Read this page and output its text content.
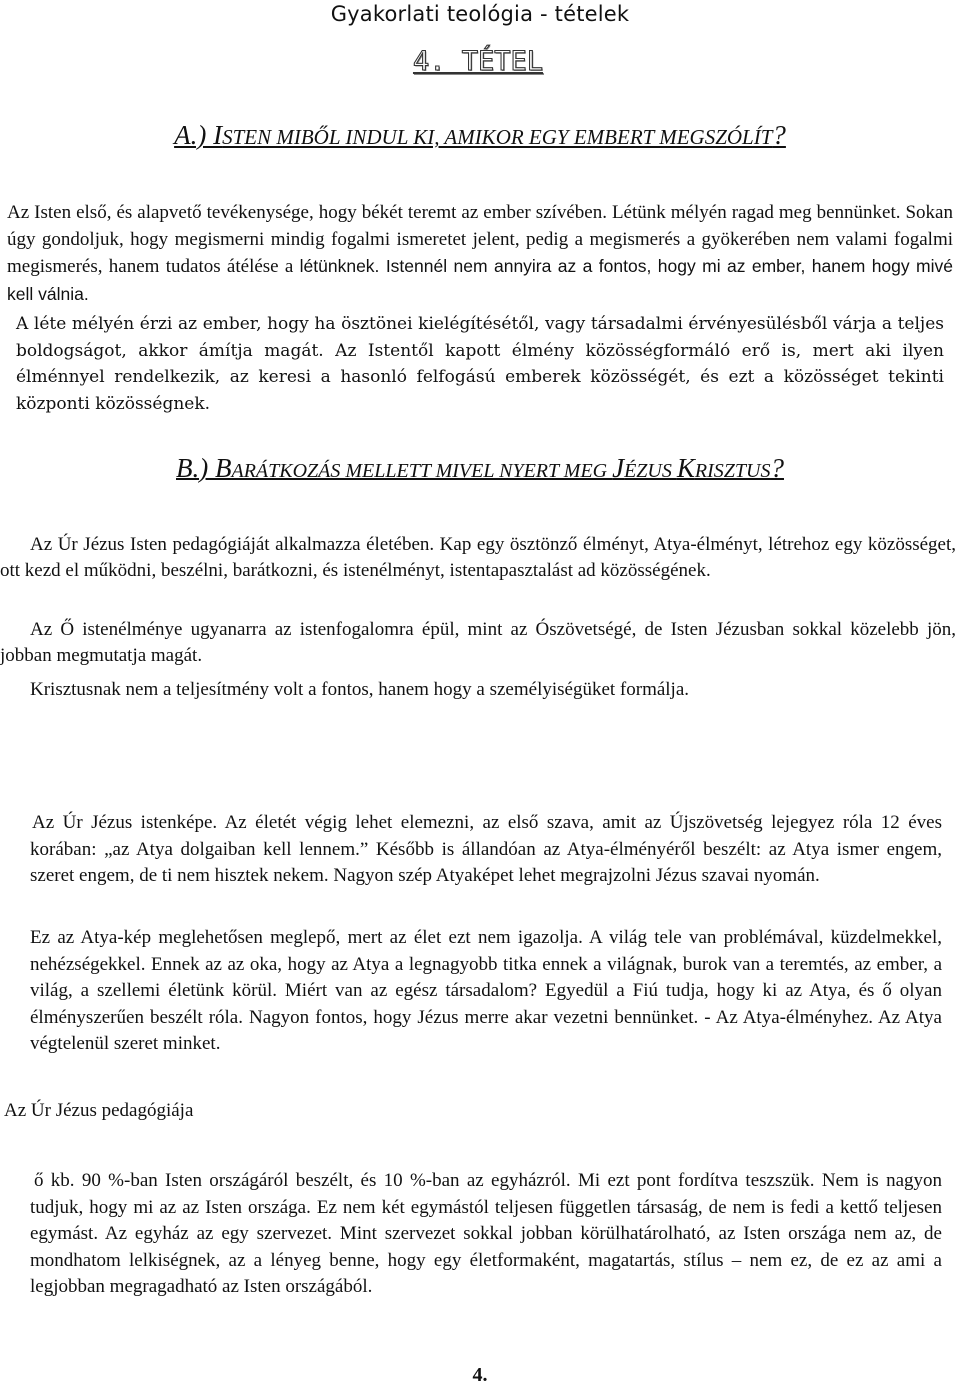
Gyakorlati teológia - tételek
4. TÉTEL
A.) ISTEN MIBŐL INDUL KI, AMIKOR EGY EMBERT MEGSZÓLÍT?

Az Isten első, és alapvető tevékenysége, hogy békét teremt az ember szívében. Létünk mélyén ragad meg bennünket. Sokan úgy gondoljuk, hogy megismerni mindig fogalmi ismeretet jelent, pedig a megismerés a gyökerében nem valami fogalmi megismerés, hanem tudatos átélése a létünknek. Istennél nem annyira az a fontos, hogy mi az ember, hanem hogy mivé kell válnia.

A léte mélyén érzi az ember, hogy ha ösztönei kielégítésétől, vagy társadalmi érvényesülésből várja a teljes boldogságot, akkor ámítja magát. Az Istentől kapott élmény közösségformáló erő is, mert aki ilyen élménnyel rendelkezik, az keresi a hasonló felfogású emberek közösségét, és ezt a közösséget tekinti központi közösségnek.

B.) BARÁTKOZÁS MELLETT MIVEL NYERT MEG JÉZUS KRISZTUS?

Az Úr Jézus Isten pedagógiáját alkalmazza életében. Kap egy ösztönző élményt, Atya-élményt, létrehoz egy közösséget, ott kezd el működni, beszélni, barátkozni, és istenélményt, istentapasztalást ad közösségének.

Az Ő istenélménye ugyanarra az istenfogalomra épül, mint az Ószövetségé, de Isten Jézusban sokkal közelebb jön, jobban megmutatja magát.

Krisztusnak nem a teljesítmény volt a fontos, hanem hogy a személyiségüket formálja.

Az Úr Jézus istenképe. Az életét végig lehet elemezni, az első szava, amit az Újszövetség lejegyez róla 12 éves korában: „az Atya dolgaiban kell lennem.” Később is állandóan az Atya-élményéről beszélt: az Atya ismer engem, szeret engem, de ti nem hisztek nekem. Nagyon szép Atyaképet lehet megrajzolni Jézus szavai nyomán.

Ez az Atya-kép meglehetősen meglepő, mert az élet ezt nem igazolja. A világ tele van problémával, küzdelmekkel, nehézségekkel. Ennek az az oka, hogy az Atya a legnagyobb titka ennek a világnak, burok van a teremtés, az ember, a világ, a szellemi életünk körül. Miért van az egész társadalom? Egyedül a Fiú tudja, hogy ki az Atya, és ő olyan élményszerűen beszélt róla. Nagyon fontos, hogy Jézus merre akar vezetni bennünket. - Az Atya-élményhez. Az Atya végtelenül szeret minket.

Az Úr Jézus pedagógiája

ő kb. 90 %-ban Isten országáról beszélt, és 10 %-ban az egyházról. Mi ezt pont fordítva teszszük. Nem is nagyon tudjuk, hogy mi az az Isten országa. Ez nem két egymástól teljesen független társaság, de nem is fedi a kettő teljesen egymást. Az egyház az egy szervezet. Mint szervezet sokkal jobban körülhatárolható, az Isten országa nem az, de mondhatom lelkiségnek, az a lényeg benne, hogy egy életformaként, magatartás, stílus – nem ez, de ez az ami a legjobban megragadható az Isten országából.

4.
